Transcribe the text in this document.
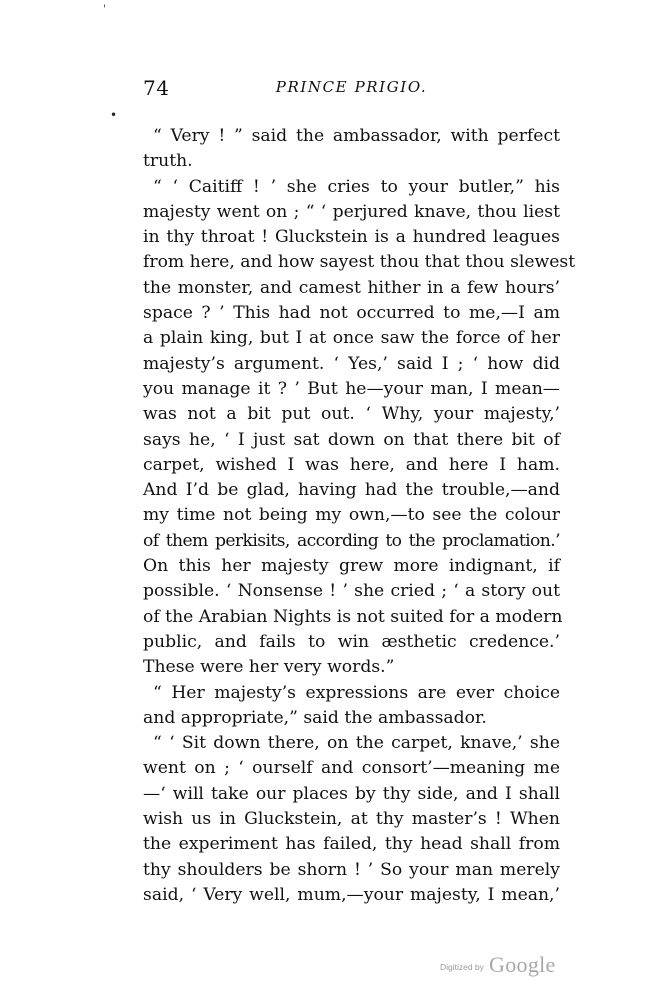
'
•
74	PRINCE PRIGIO.
“ Very ! ” said the ambassador, with perfect
truth.
“ ‘ Caitiff ! ’ she cries to your butler,” his
majesty went on ; “ ‘ perjured knave, thou liest
in thy throat ! Gluckstein is a hundred leagues
from here, and how sayest thou that thou slewest
the monster, and camest hither in a few hours’
space ? ’ This had not occurred to me,—I am
a plain king, but I at once saw the force of her
majesty’s argument. ‘ Yes,’ said I ; ‘ how did
you manage it ? ’ But he—your man, I mean—
was not a bit put out. ‘ Why, your majesty,’
says he, ‘ I just sat down on that there bit of
carpet, wished I was here, and here I ham.
And I’d be glad, having had the trouble,—and
my time not being my own,—to see the colour
of them perkisits, according to the proclamation.’
On this her majesty grew more indignant, if
possible. ‘ Nonsense ! ’ she cried ; ‘ a story out
of the Arabian Nights is not suited for a modern
public, and fails to win æsthetic credence.’
These were her very words.”
“ Her majesty’s expressions are ever choice
and appropriate,” said the ambassador.
“ ‘ Sit down there, on the carpet, knave,’ she
went on ; ‘ ourself and consort’—meaning me
—‘ will take our places by thy side, and I shall
wish us in Gluckstein, at thy master’s ! When
the experiment has failed, thy head shall from
thy shoulders be shorn ! ’ So your man merely
said, ‘ Very well, mum,—your majesty, I mean,’
Digitized by Google
